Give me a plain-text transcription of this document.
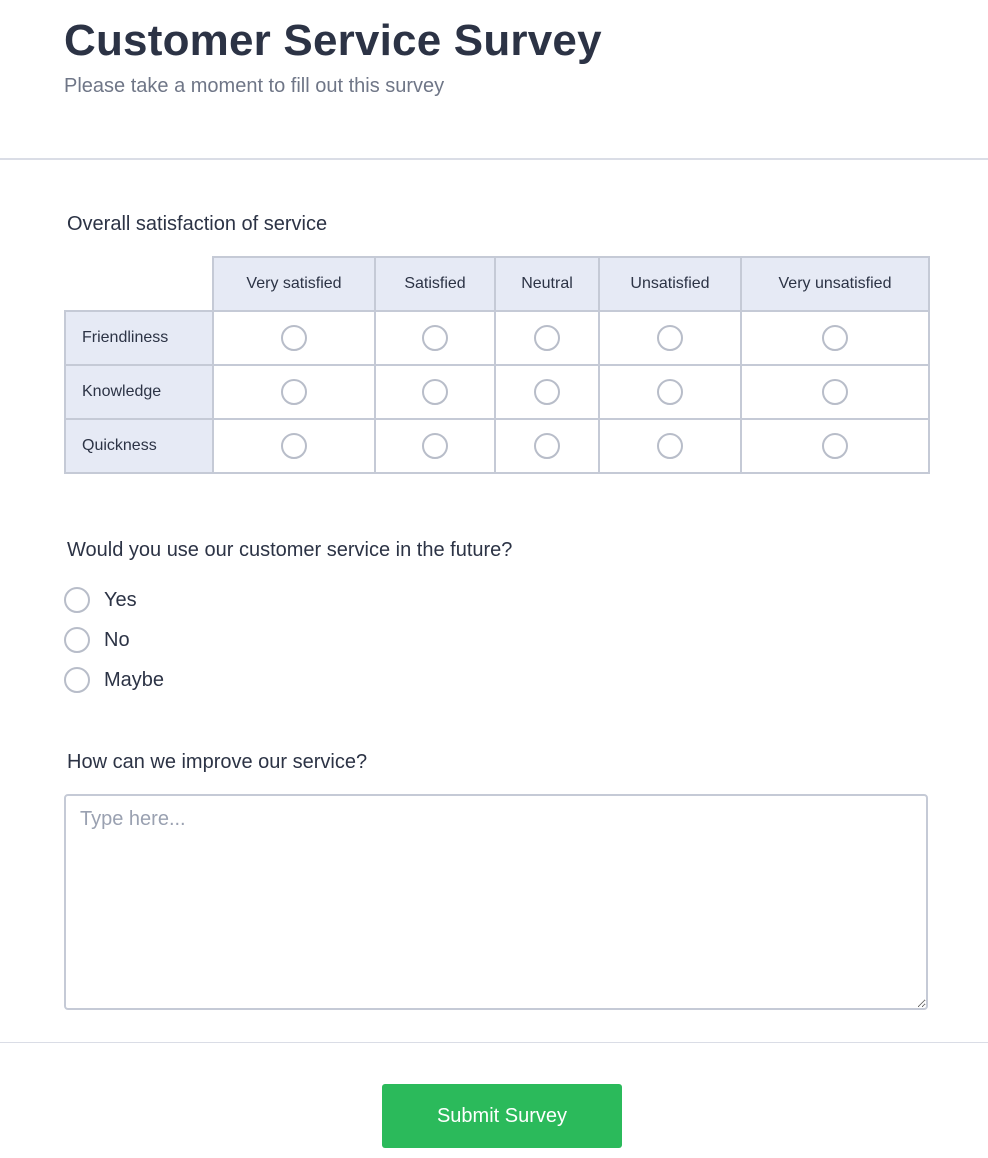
Customer Service Survey
Please take a moment to fill out this survey
Overall satisfaction of service
	Very satisfied	Satisfied	Neutral	Unsatisfied	Very unsatisfied
Friendliness					
Knowledge					
Quickness					
Would you use our customer service in the future?
Yes
No
Maybe
How can we improve our service?
Type here...
Submit Survey
